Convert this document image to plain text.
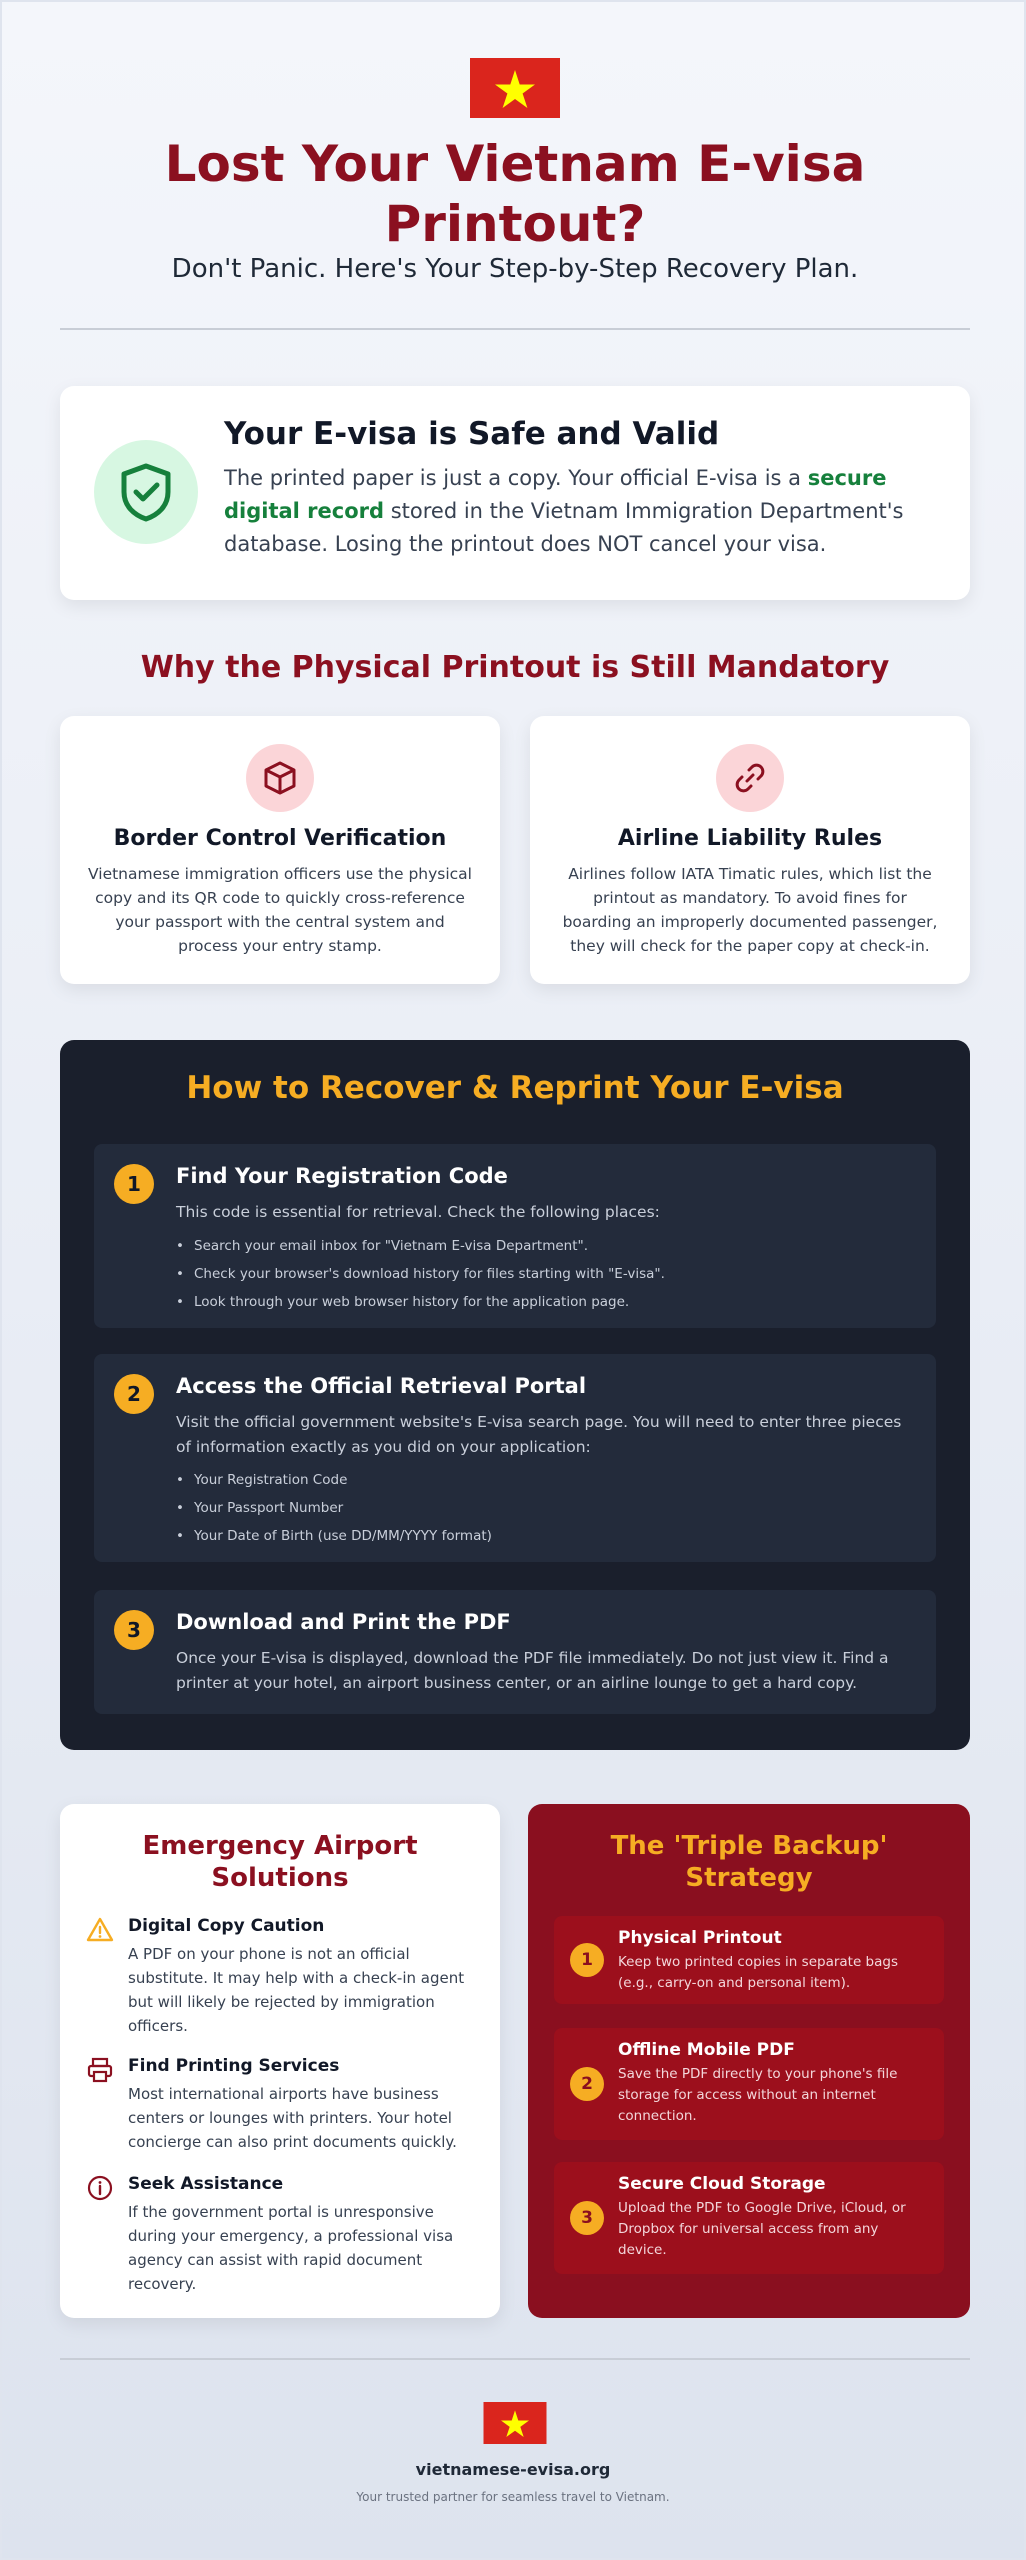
Lost Your Vietnam E-visa
Printout?
Don't Panic. Here's Your Step-by-Step Recovery Plan.
Your E-visa is Safe and Valid
The printed paper is just a copy. Your official E-visa is a secure digital record stored in the Vietnam Immigration Department's database. Losing the printout does NOT cancel your visa.
Why the Physical Printout is Still Mandatory
Border Control Verification
Vietnamese immigration officers use the physical copy and its QR code to quickly cross-reference your passport with the central system and process your entry stamp.
Airline Liability Rules
Airlines follow IATA Timatic rules, which list the printout as mandatory. To avoid fines for boarding an improperly documented passenger, they will check for the paper copy at check-in.
How to Recover & Reprint Your E-visa
1	Find Your Registration Code
This code is essential for retrieval. Check the following places:
• Search your email inbox for "Vietnam E-visa Department".
• Check your browser's download history for files starting with "E-visa".
• Look through your web browser history for the application page.
2	Access the Official Retrieval Portal
Visit the official government website's E-visa search page. You will need to enter three pieces of information exactly as you did on your application:
• Your Registration Code
• Your Passport Number
• Your Date of Birth (use DD/MM/YYYY format)
3	Download and Print the PDF
Once your E-visa is displayed, download the PDF file immediately. Do not just view it. Find a printer at your hotel, an airport business center, or an airline lounge to get a hard copy.
Emergency Airport Solutions
Digital Copy Caution
A PDF on your phone is not an official substitute. It may help with a check-in agent but will likely be rejected by immigration officers.
Find Printing Services
Most international airports have business centers or lounges with printers. Your hotel concierge can also print documents quickly.
Seek Assistance
If the government portal is unresponsive during your emergency, a professional visa agency can assist with rapid document recovery.
The 'Triple Backup' Strategy
1
Physical Printout
Keep two printed copies in separate bags (e.g., carry-on and personal item).
2
Offline Mobile PDF
Save the PDF directly to your phone's file storage for access without an internet connection.
3
Secure Cloud Storage
Upload the PDF to Google Drive, iCloud, or Dropbox for universal access from any device.
vietnamese-evisa.org
Your trusted partner for seamless travel to Vietnam.
